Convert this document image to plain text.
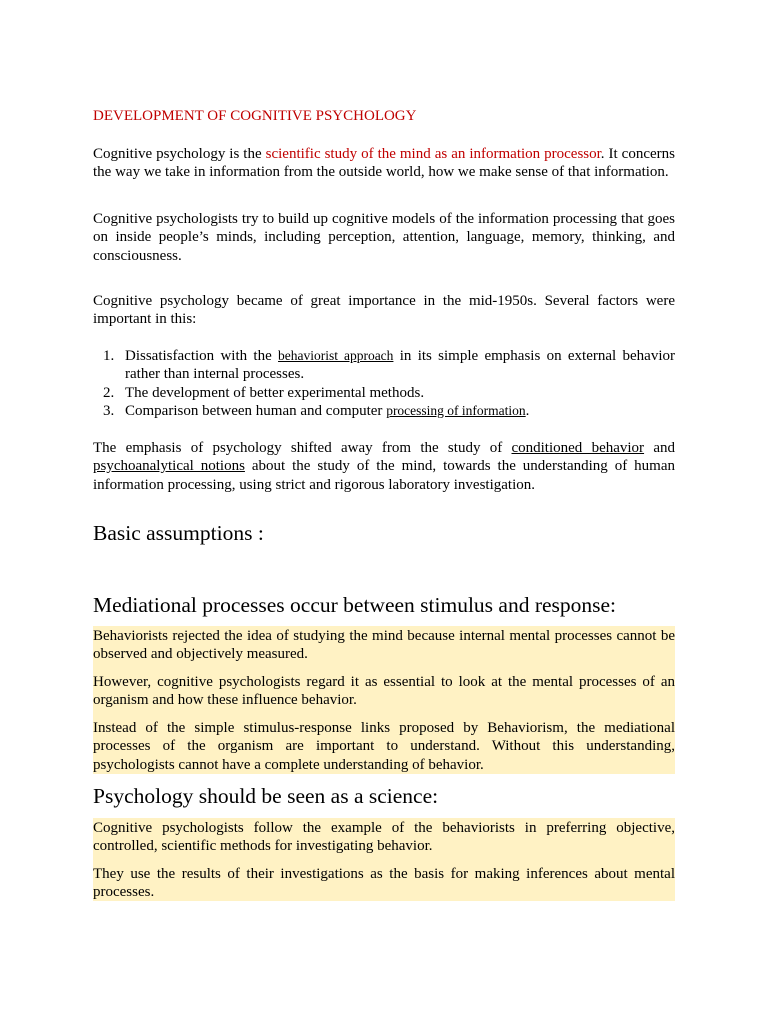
DEVELOPMENT OF COGNITIVE PSYCHOLOGY

Cognitive psychology is the scientific study of the mind as an information processor. It concerns the way we take in information from the outside world, how we make sense of that information.

Cognitive psychologists try to build up cognitive models of the information processing that goes on inside people’s minds, including perception, attention, language, memory, thinking, and consciousness.

Cognitive psychology became of great importance in the mid-1950s. Several factors were important in this:

1. Dissatisfaction with the behaviorist approach in its simple emphasis on external behavior rather than internal processes.
2. The development of better experimental methods.
3. Comparison between human and computer processing of information.

The emphasis of psychology shifted away from the study of conditioned behavior and psychoanalytical notions about the study of the mind, towards the understanding of human information processing, using strict and rigorous laboratory investigation.

Basic assumptions :

Mediational processes occur between stimulus and response:

Behaviorists rejected the idea of studying the mind because internal mental processes cannot be observed and objectively measured.

However, cognitive psychologists regard it as essential to look at the mental processes of an organism and how these influence behavior.

Instead of the simple stimulus-response links proposed by Behaviorism, the mediational processes of the organism are important to understand. Without this understanding, psychologists cannot have a complete understanding of behavior.

Psychology should be seen as a science:

Cognitive psychologists follow the example of the behaviorists in preferring objective, controlled, scientific methods for investigating behavior.

They use the results of their investigations as the basis for making inferences about mental processes.
